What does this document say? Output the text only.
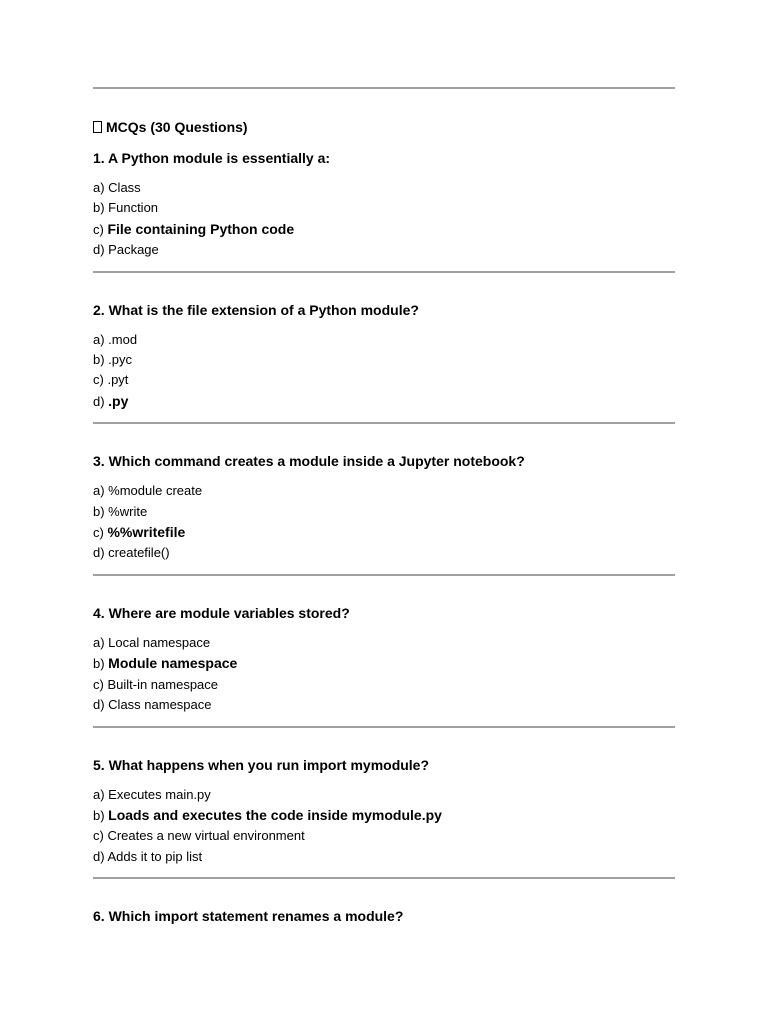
MCQs (30 Questions)
1. A Python module is essentially a:
a) Class
b) Function
c) File containing Python code
d) Package
2. What is the file extension of a Python module?
a) .mod
b) .pyc
c) .pyt
d) .py
3. Which command creates a module inside a Jupyter notebook?
a) %module create
b) %write
c) %%writefile
d) createfile()
4. Where are module variables stored?
a) Local namespace
b) Module namespace
c) Built-in namespace
d) Class namespace
5. What happens when you run import mymodule?
a) Executes main.py
b) Loads and executes the code inside mymodule.py
c) Creates a new virtual environment
d) Adds it to pip list
6. Which import statement renames a module?
